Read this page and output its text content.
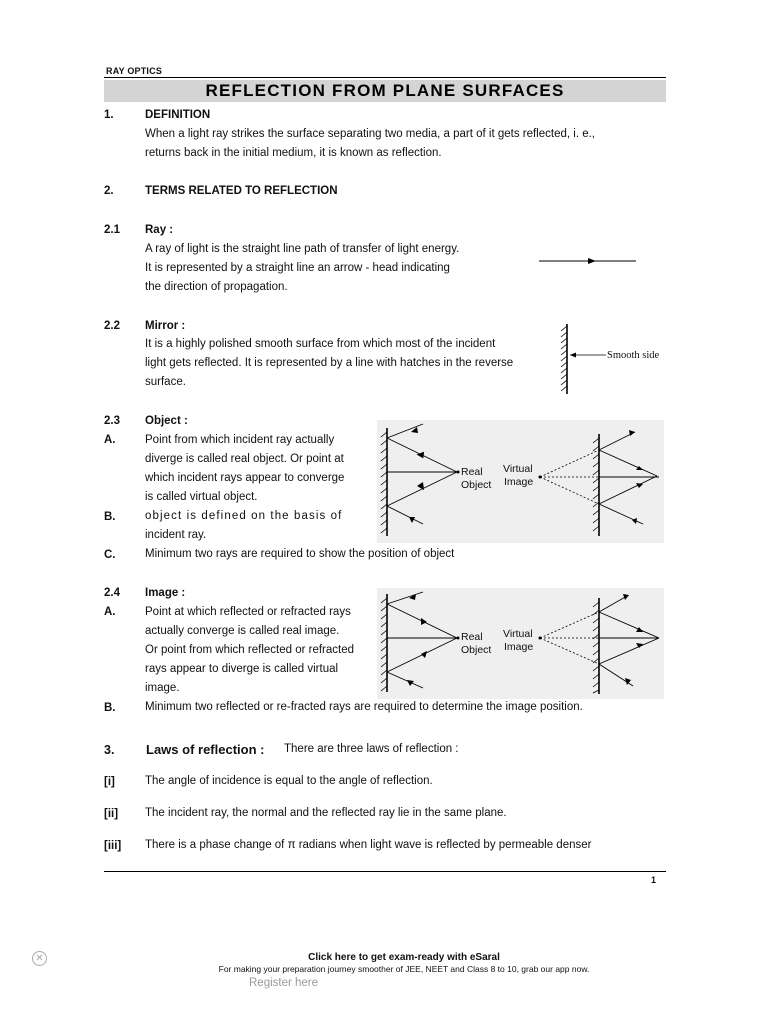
RAY OPTICS
REFLECTION FROM PLANE SURFACES
1.	DEFINITION

When a light ray strikes the surface separating two media, a part of it gets reflected, i. e.,

returns back in the initial medium, it is known as reflection.

2.	TERMS RELATED TO REFLECTION
2.1 Ray :

A ray of light is the straight line path of transfer of light energy.

It is represented by a straight line an arrow - head indicating

the direction of propagation.

2.2 Mirror :

It is a highly polished smooth surface from which most of the incident

light gets reflected. It is represented by a line with hatches in the reverse

surface.

Smooth side
2.3 Object :
A.	Point from which incident ray actually

diverge is called real object. Or point at

which incident rays appear to converge

is called virtual object.

B.	object is defined on the basis of

incident ray.

C.	Minimum two rays are required to show the position of object
Real
Object
Virtual
Image
2.4 Image :
A.	Point at which reflected or refracted rays

actually converge is called real image.

Or point from which reflected or refracted

rays appear to diverge is called virtual

image.

B.	Minimum two reflected or re-fracted rays are required to determine the image position.
Real
Object
Virtual
Image
3. Laws of reflection : There are three laws of reflection :
[i]	The angle of incidence is equal to the angle of reflection.
[ii] The incident ray, the normal and the reflected ray lie in the same plane.
[iii] There is a phase change of π radians when light wave is reflected by permeable denser
1
✕	Click here to get exam-ready with eSaral
For making your preparation journey smoother of JEE, NEET and Class 8 to 10, grab our app now.
Register here
